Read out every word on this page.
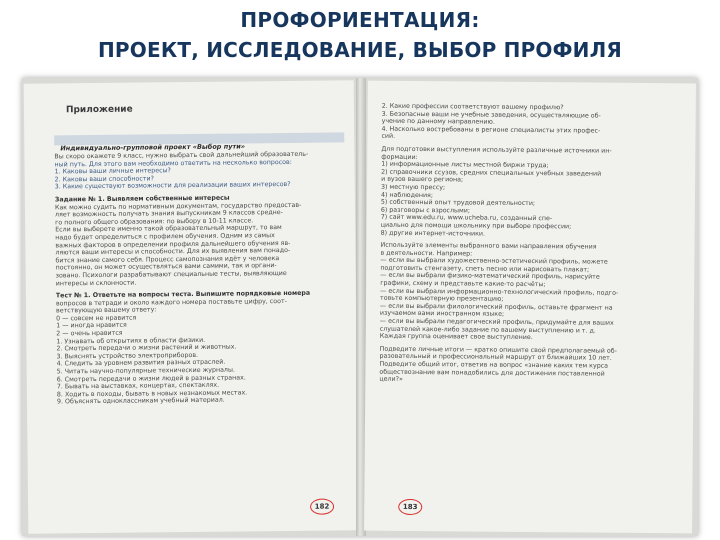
ПРОФОРИЕНТАЦИЯ:
ПРОЕКТ, ИССЛЕДОВАНИЕ, ВЫБОР ПРОФИЛЯ
Приложение
Индивидуально-групповой проект «Выбор пути»
Вы скоро окажете 9 класс, нужно выбрать свой дальнейший образователь-
ный путь. Для этого вам необходимо ответить на несколько вопросов:
1. Каковы ваши личные интересы?
2. Каковы ваши способности?
3. Какие существуют возможности для реализации ваших интересов?
Задание № 1. Выявляем собственные интересы
Как можно судить по нормативным документам, государство предостав-
ляет возможность получать знания выпускникам 9 классов средне-
го полного общего образования: по выбору в 10-11 классе.
Если вы выберете именно такой образовательный маршрут, то вам
надо будет определиться с профилем обучения. Одним из самых
важных факторов в определении профиля дальнейшего обучения яв-
ляются ваши интересы и способности. Для их выявления вам понадо-
бится знание самого себя. Процесс самопознания идёт у человека
постоянно, он может осуществляться вами самими, так и органи-
зовано. Психологи разрабатывают специальные тесты, выявляющие
интересы и склонности.
Тест № 1. Ответьте на вопросы теста. Выпишите порядковые номера
вопросов в тетради и около каждого номера поставьте цифру, соот-
ветствующую вашему ответу:
0 — совсем не нравится
1 — иногда нравится
2 — очень нравится
1. Узнавать об открытиях в области физики.
2. Смотреть передачи о жизни растений и животных.
3. Выяснять устройство электроприборов.
4. Следить за уровнем развития разных отраслей.
5. Читать научно-популярные технические журналы.
6. Смотреть передачи о жизни людей в разных странах.
7. Бывать на выставках, концертах, спектаклях.
8. Ходить в походы, бывать в новых незнакомых местах.
9. Объяснять одноклассникам учебный материал.
182
2. Какие профессии соответствуют вашему профилю?
3. Безопасные ваши не учебные заведения, осуществляющие об-
учение по данному направлению.
4. Насколько востребованы в регионе специалисты этих профес-
сий.
Для подготовки выступления используйте различные источники ин-
формации:
1) информационные листы местной биржи труда;
2) справочники ссузов, средних специальных учебных заведений
и вузов вашего региона;
3) местную прессу;
4) наблюдения;
5) собственный опыт трудовой деятельности;
6) разговоры с взрослыми;
7) сайт www.edu.ru, www.ucheba.ru, созданный спе-
циально для помощи школьнику при выборе профессии;
8) другие интернет-источники.
Используйте элементы выбранного вами направления обучения
в деятельности. Например:
— если вы выбрали художественно-эстетический профиль, можете
подготовить стенгазету, спеть песню или нарисовать плакат;
— если вы выбрали физико-математический профиль, нарисуйте
графики, схему и представьте какие-то расчёты;
— если вы выбрали информационно-технологический профиль, подго-
товьте компьютерную презентацию;
— если вы выбрали филологический профиль, оставьте фрагмент на
изучаемом вами иностранном языке;
— если вы выбрали педагогический профиль, придумайте для ваших
слушателей какое-либо задание по вашему выступлению и т. д.
Каждая группа оценивает свое выступление.
Подведите личные итоги — кратко опишите свой предполагаемый об-
разовательный и профессиональный маршрут от ближайших 10 лет.
Подведите общий итог, ответив на вопрос «знание каких тем курса
обществознание вам понадобились для достижения поставленной
цели?»
183
